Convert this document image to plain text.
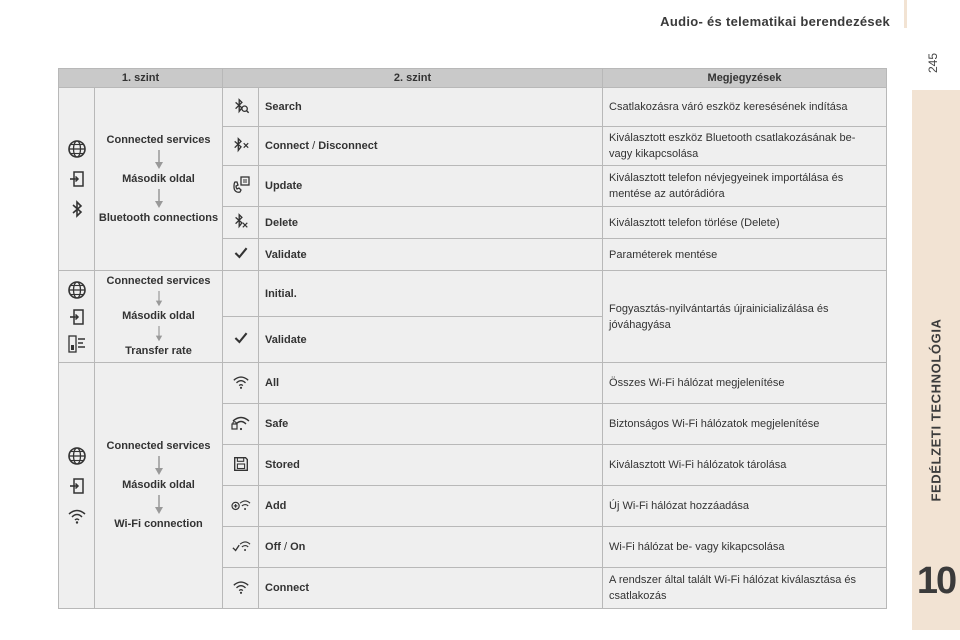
Audio- és telematikai berendezések
245
FEDÉLZETI TECHNOLÓGIA
10
1. szint		2. szint		Megjegyzések

Connected services
Második oldal
Bluetooth connections		Search	Csatlakozásra váró eszköz keresésének indítása
	Connect / Disconnect	Kiválasztott eszköz Bluetooth csatlakozásának be- vagy kikapcsolása
	Update	Kiválasztott telefon névjegyeinek importálása és mentése az autórádióra
	Delete	Kiválasztott telefon törlése (Delete)
	Validate	Paraméterek mentése

Connected services
Második oldal
Transfer rate		Initial.	Fogyasztás-nyilvántartás újrainicializálása és jóváhagyása
	Validate	

Connected services
Második oldal
Wi-Fi connection		All	Összes Wi-Fi hálózat megjelenítése
	Safe	Biztonságos Wi-Fi hálózatok megjelenítése
	Stored	Kiválasztott Wi-Fi hálózatok tárolása
	Add	Új Wi-Fi hálózat hozzáadása
	Off / On	Wi-Fi hálózat be- vagy kikapcsolása
	Connect	A rendszer által talált Wi-Fi hálózat kiválasztása és csatlakozás
